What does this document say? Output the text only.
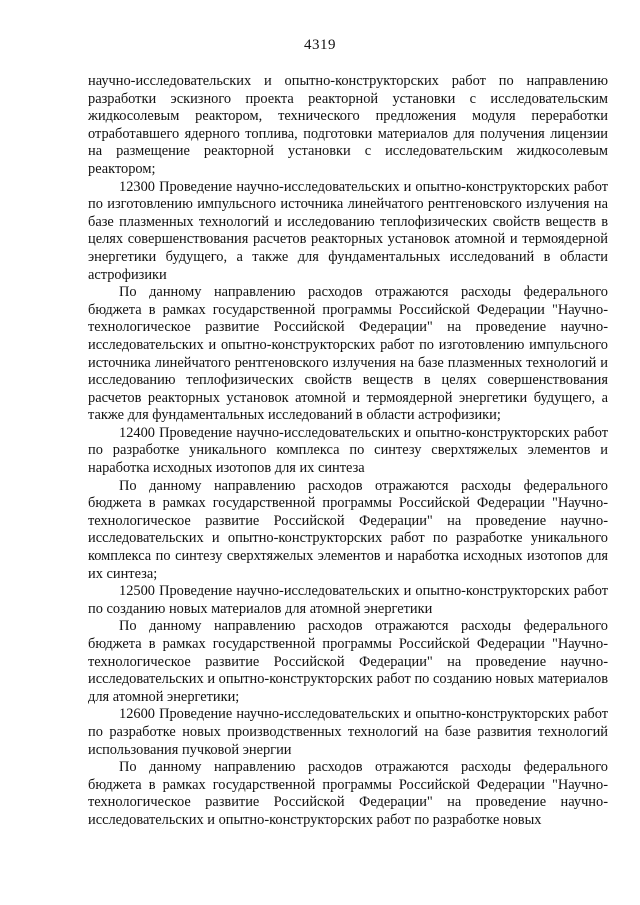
4319

научно-исследовательских и опытно-конструкторских работ по направлению разработки эскизного проекта реакторной установки с исследовательским жидкосолевым реактором, технического предложения модуля переработки отработавшего ядерного топлива, подготовки материалов для получения лицензии на размещение реакторной установки с исследовательским жидкосолевым реактором;

12300 Проведение научно-исследовательских и опытно-конструкторских работ по изготовлению импульсного источника линейчатого рентгеновского излучения на базе плазменных технологий и исследованию теплофизических свойств веществ в целях совершенствования расчетов реакторных установок атомной и термоядерной энергетики будущего, а также для фундаментальных исследований в области астрофизики

По данному направлению расходов отражаются расходы федерального бюджета в рамках государственной программы Российской Федерации "Научно-технологическое развитие Российской Федерации" на проведение научно-исследовательских и опытно-конструкторских работ по изготовлению импульсного источника линейчатого рентгеновского излучения на базе плазменных технологий и исследованию теплофизических свойств веществ в целях совершенствования расчетов реакторных установок атомной и термоядерной энергетики будущего, а также для фундаментальных исследований в области астрофизики;

12400 Проведение научно-исследовательских и опытно-конструкторских работ по разработке уникального комплекса по синтезу сверхтяжелых элементов и наработка исходных изотопов для их синтеза

По данному направлению расходов отражаются расходы федерального бюджета в рамках государственной программы Российской Федерации "Научно-технологическое развитие Российской Федерации" на проведение научно-исследовательских и опытно-конструкторских работ по разработке уникального комплекса по синтезу сверхтяжелых элементов и наработка исходных изотопов для их синтеза;

12500 Проведение научно-исследовательских и опытно-конструкторских работ по созданию новых материалов для атомной энергетики

По данному направлению расходов отражаются расходы федерального бюджета в рамках государственной программы Российской Федерации "Научно-технологическое развитие Российской Федерации" на проведение научно-исследовательских и опытно-конструкторских работ по созданию новых материалов для атомной энергетики;

12600 Проведение научно-исследовательских и опытно-конструкторских работ по разработке новых производственных технологий на базе развития технологий использования пучковой энергии

По данному направлению расходов отражаются расходы федерального бюджета в рамках государственной программы Российской Федерации "Научно-технологическое развитие Российской Федерации" на проведение научно-исследовательских и опытно-конструкторских работ по разработке новых
